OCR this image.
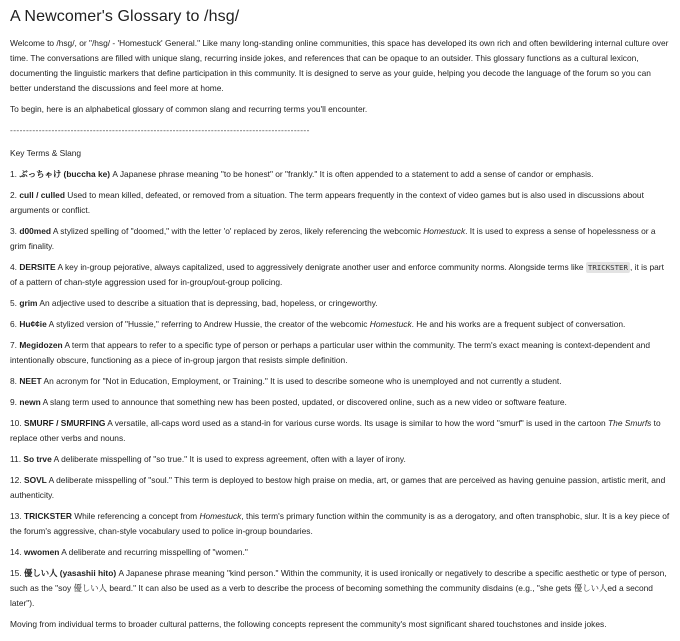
A Newcomer's Glossary to /hsg/

Welcome to /hsg/, or "/hsg/ - 'Homestuck' General." Like many long-standing online communities, this space has developed its own rich and often bewildering internal culture over time. The conversations are filled with unique slang, recurring inside jokes, and references that can be opaque to an outsider. This glossary functions as a cultural lexicon, documenting the linguistic markers that define participation in this community. It is designed to serve as your guide, helping you decode the language of the forum so you can better understand the discussions and feel more at home.

To begin, here is an alphabetical glossary of common slang and recurring terms you'll encounter.

----------------------------------------------------------------------------------------------

Key Terms & Slang

1. ぶっちゃけ (buccha ke) A Japanese phrase meaning "to be honest" or "frankly." It is often appended to a statement to add a sense of candor or emphasis.

2. cull / culled Used to mean killed, defeated, or removed from a situation. The term appears frequently in the context of video games but is also used in discussions about arguments or conflict.

3. d00med A stylized spelling of "doomed," with the letter 'o' replaced by zeros, likely referencing the webcomic Homestuck. It is used to express a sense of hopelessness or a grim finality.

4. DERSITE A key in-group pejorative, always capitalized, used to aggressively denigrate another user and enforce community norms. Alongside terms like TRICKSTER , it is part of a pattern of chan-style aggression used for in-group/out-group policing.

5. grim An adjective used to describe a situation that is depressing, bad, hopeless, or cringeworthy.

6. Hu¢¢ie A stylized version of "Hussie," referring to Andrew Hussie, the creator of the webcomic Homestuck. He and his works are a frequent subject of conversation.

7. Megidozen A term that appears to refer to a specific type of person or perhaps a particular user within the community. The term's exact meaning is context-dependent and intentionally obscure, functioning as a piece of in-group jargon that resists simple definition.

8. NEET An acronym for "Not in Education, Employment, or Training." It is used to describe someone who is unemployed and not currently a student.

9. newn A slang term used to announce that something new has been posted, updated, or discovered online, such as a new video or software feature.

10. SMURF / SMURFING A versatile, all-caps word used as a stand-in for various curse words. Its usage is similar to how the word "smurf" is used in the cartoon The Smurfs to replace other verbs and nouns.

11. So trve A deliberate misspelling of "so true." It is used to express agreement, often with a layer of irony.

12. SOVL A deliberate misspelling of "soul." This term is deployed to bestow high praise on media, art, or games that are perceived as having genuine passion, artistic merit, and authenticity.

13. TRICKSTER While referencing a concept from Homestuck, this term's primary function within the community is as a derogatory, and often transphobic, slur. It is a key piece of the forum's aggressive, chan-style vocabulary used to police in-group boundaries.

14. wwomen A deliberate and recurring misspelling of "women."

15. 優しい人 (yasashii hito) A Japanese phrase meaning "kind person." Within the community, it is used ironically or negatively to describe a specific aesthetic or type of person, such as the "soy 優しい人 beard." It can also be used as a verb to describe the process of becoming something the community disdains (e.g., "she gets 優しい人ed a second later").

Moving from individual terms to broader cultural patterns, the following concepts represent the community's most significant shared touchstones and inside jokes.
